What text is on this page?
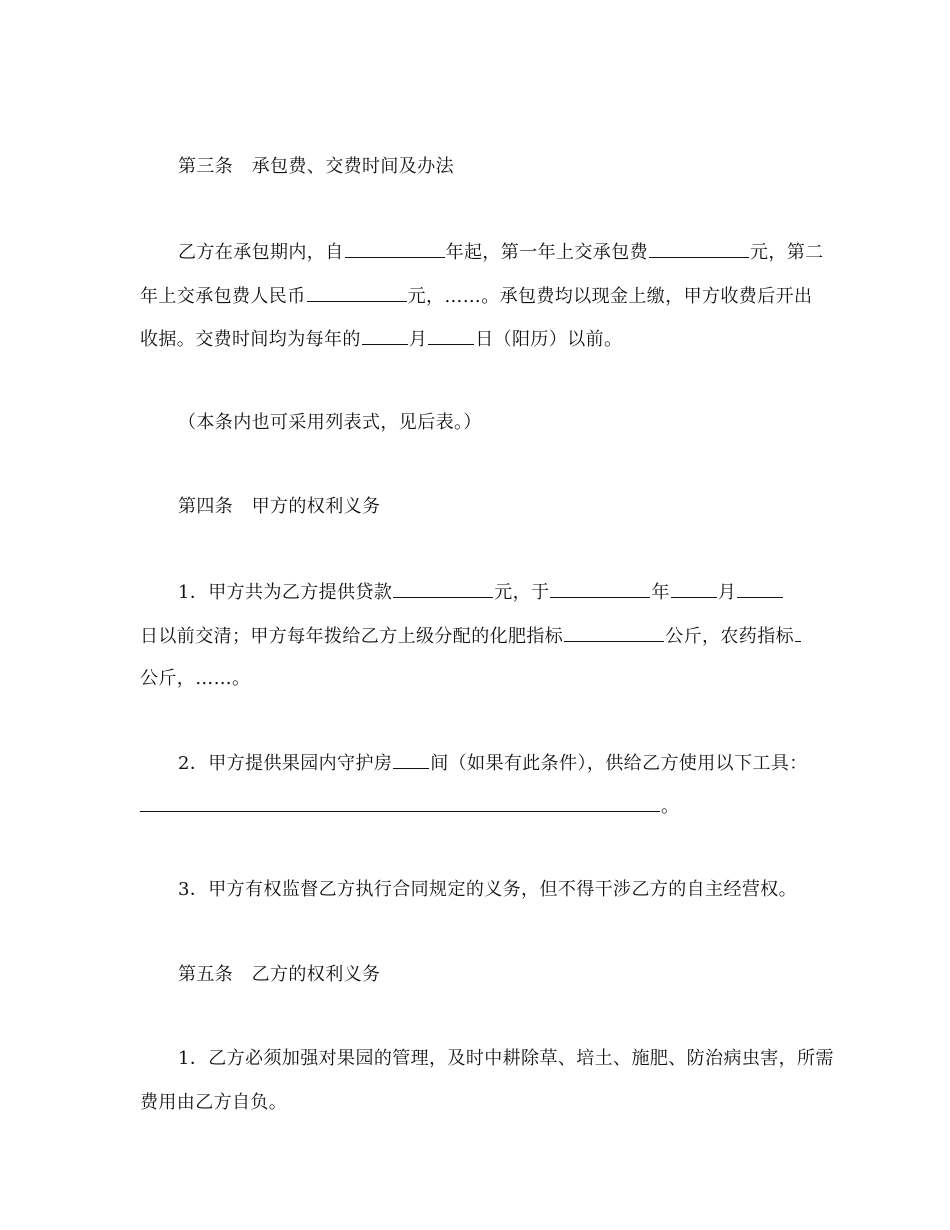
第三条　承包费、交费时间及办法
乙方在承包期内，自	年起，第一年上交承包费	元，第二
年上交承包费人民币	元，……。承包费均以现金上缴，甲方收费后开出
收据。交费时间均为每年的	月	日（阳历）以前。
（本条内也可采用列表式，见后表。）
第四条　甲方的权利义务
1．甲方共为乙方提供贷款	元，于	年	月
日以前交清；甲方每年拨给乙方上级分配的化肥指标	公斤，农药指标
公斤，……。
2．甲方提供果园内守护房 间（如果有此条件），供给乙方使用以下工具：
。
3．甲方有权监督乙方执行合同规定的义务，但不得干涉乙方的自主经营权。
第五条　乙方的权利义务
1．乙方必须加强对果园的管理，及时中耕除草、培土、施肥、防治病虫害，所需
费用由乙方自负。
